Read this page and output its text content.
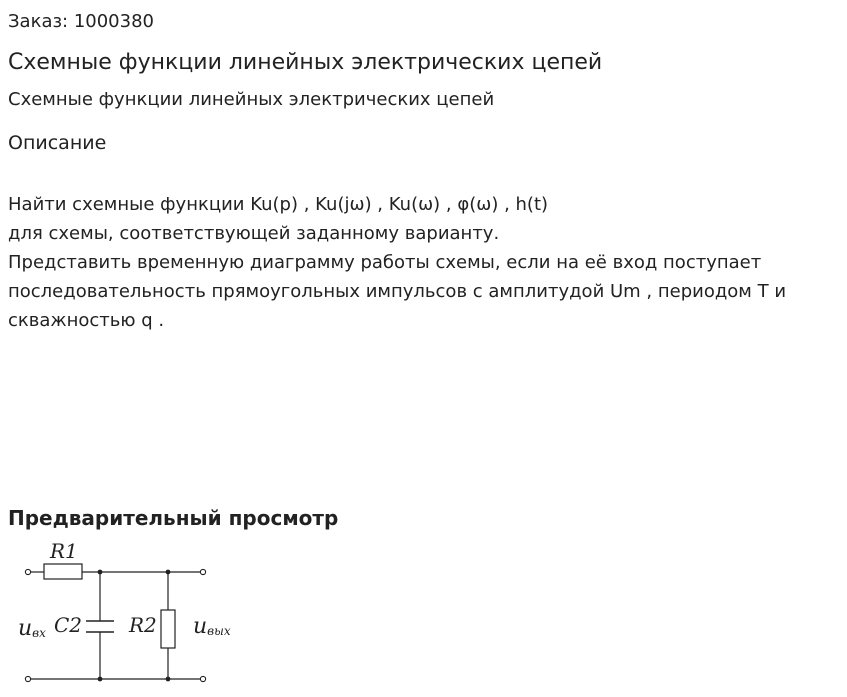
Заказ: 1000380
Схемные функции линейных электрических цепей
Схемные функции линейных электрических цепей
Описание
Найти схемные функции Ku(p) , Ku(jω) , Ku(ω) , φ(ω) , h(t)
для схемы, соответствующей заданному варианту.
Представить временную диаграмму работы схемы, если на её вход поступает
последовательность прямоугольных импульсов с амплитудой Um , периодом T и
скважностью q .
Предварительный просмотр
R1
C2 R2
uвх	uвых
